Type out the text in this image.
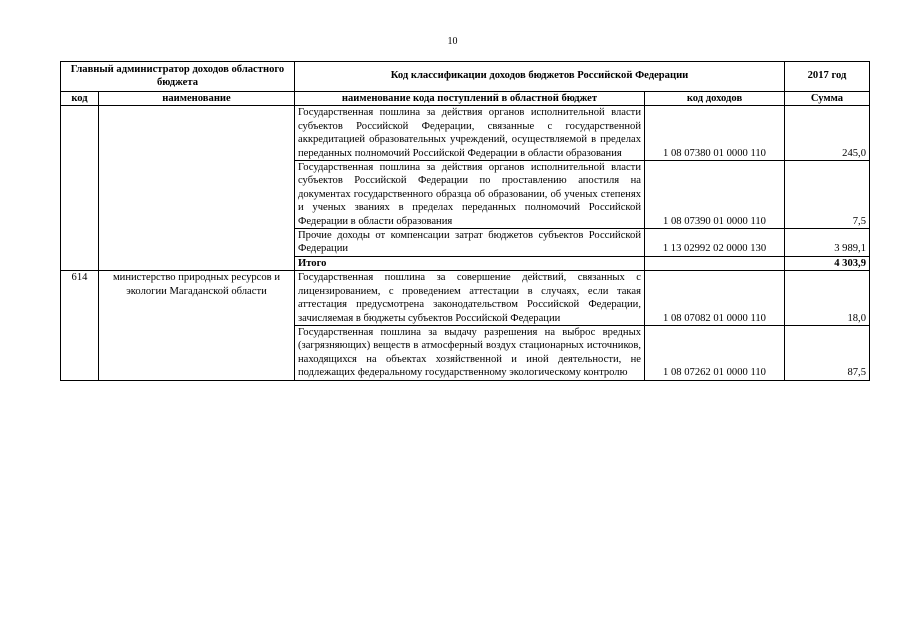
10
Главный администратор доходов областного бюджета		Код классификации доходов бюджетов Российской Федерации		2017 год
код	наименование	наименование кода поступлений в областной бюджет	код доходов	Сумма
		Государственная пошлина за действия органов исполнительной власти субъектов Российской Федерации, связанные с государственной аккредитацией образовательных учреждений, осуществляемой в пределах переданных полномочий Российской Федерации в области образования	1 08 07380 01 0000 110	245,0
		Государственная пошлина за действия органов исполнительной власти субъектов Российской Федерации по проставлению апостиля на документах государственного образца об образовании, об ученых степенях и ученых званиях в пределах переданных полномочий Российской Федерации в области образования	1 08 07390 01 0000 110	7,5
		Прочие доходы от компенсации затрат бюджетов субъектов Российской Федерации	1 13 02992 02 0000 130	3 989,1
		Итого		4 303,9
614	министерство природных ресурсов и экологии Магаданской области	Государственная пошлина за совершение действий, связанных с лицензированием, с проведением аттестации в случаях, если такая аттестация предусмотрена законодательством Российской Федерации, зачисляемая в бюджеты субъектов Российской Федерации	1 08 07082 01 0000 110	18,0
		Государственная пошлина за выдачу разрешения на выброс вредных (загрязняющих) веществ в атмосферный воздух стационарных источников, находящихся на объектах хозяйственной и иной деятельности, не подлежащих федеральному государственному экологическому контролю	1 08 07262 01 0000 110	87,5
